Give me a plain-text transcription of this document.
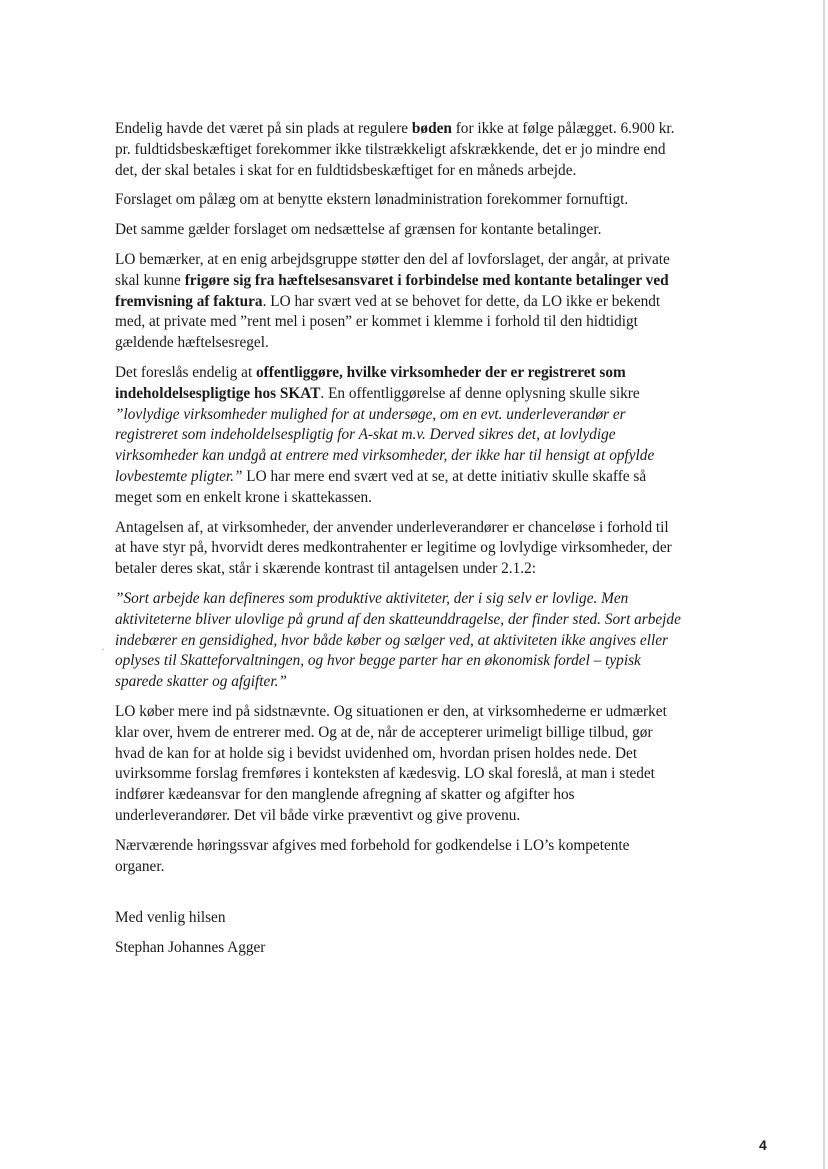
Endelig havde det været på sin plads at regulere bøden for ikke at følge pålægget. 6.900 kr. pr. fuldtidsbeskæftiget forekommer ikke tilstrækkeligt afskrækkende, det er jo mindre end det, der skal betales i skat for en fuldtidsbeskæftiget for en måneds arbejde.

Forslaget om pålæg om at benytte ekstern lønadministration forekommer fornuftigt.

Det samme gælder forslaget om nedsættelse af grænsen for kontante betalinger.

LO bemærker, at en enig arbejdsgruppe støtter den del af lovforslaget, der angår, at private skal kunne frigøre sig fra hæftelsesansvaret i forbindelse med kontante betalinger ved fremvisning af faktura. LO har svært ved at se behovet for dette, da LO ikke er bekendt med, at private med ”rent mel i posen” er kommet i klemme i forhold til den hidtidigt gældende hæftelsesregel.

Det foreslås endelig at offentliggøre, hvilke virksomheder der er registreret som indeholdelsespligtige hos SKAT. En offentliggørelse af denne oplysning skulle sikre ”lovlydige virksomheder mulighed for at undersøge, om en evt. underleverandør er registreret som indeholdelsespligtig for A-skat m.v. Derved sikres det, at lovlydige virksomheder kan undgå at entrere med virksomheder, der ikke har til hensigt at opfylde lovbestemte pligter.” LO har mere end svært ved at se, at dette initiativ skulle skaffe så meget som en enkelt krone i skattekassen.

Antagelsen af, at virksomheder, der anvender underleverandører er chanceløse i forhold til at have styr på, hvorvidt deres medkontrahenter er legitime og lovlydige virksomheder, der betaler deres skat, står i skærende kontrast til antagelsen under 2.1.2:

”Sort arbejde kan defineres som produktive aktiviteter, der i sig selv er lovlige. Men aktiviteterne bliver ulovlige på grund af den skatteunddragelse, der finder sted. Sort arbejde indebærer en gensidighed, hvor både køber og sælger ved, at aktiviteten ikke angives eller oplyses til Skatteforvaltningen, og hvor begge parter har en økonomisk fordel – typisk sparede skatter og afgifter.”

LO køber mere ind på sidstnævnte. Og situationen er den, at virksomhederne er udmærket klar over, hvem de entrerer med. Og at de, når de accepterer urimeligt billige tilbud, gør hvad de kan for at holde sig i bevidst uvidenhed om, hvordan prisen holdes nede. Det uvirksomme forslag fremføres i konteksten af kædesvig. LO skal foreslå, at man i stedet indfører kædeansvar for den manglende afregning af skatter og afgifter hos underleverandører. Det vil både virke præventivt og give provenu.

Nærværende høringssvar afgives med forbehold for godkendelse i LO’s kompetente organer.

Med venlig hilsen

Stephan Johannes Agger

·
4
